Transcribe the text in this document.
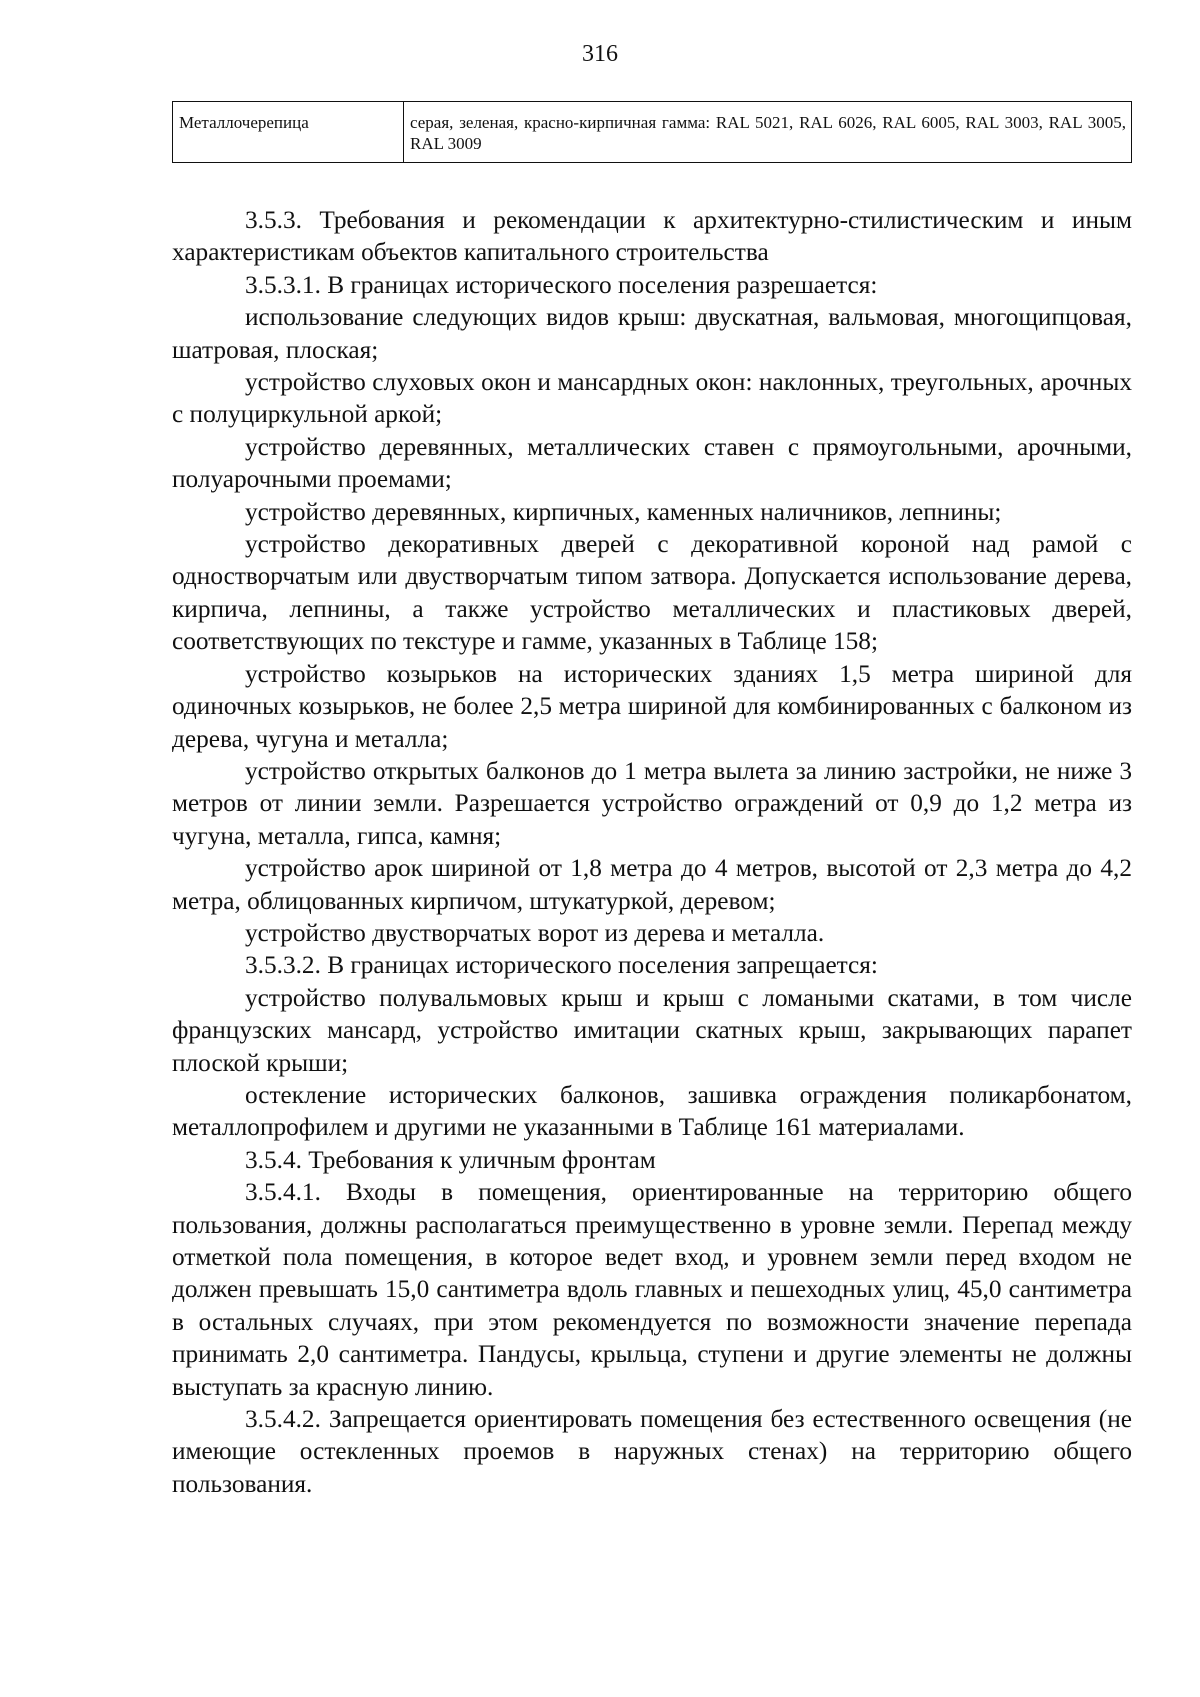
316
Металлочерепица	серая, зеленая, красно-кирпичная гамма: RAL 5021, RAL 6026, RAL 6005, RAL 3003, RAL 3005, RAL 3009

3.5.3. Требования и рекомендации к архитектурно-стилистическим и иным характеристикам объектов капитального строительства

3.5.3.1. В границах исторического поселения разрешается:

использование следующих видов крыш: двускатная, вальмовая, многощипцовая, шатровая, плоская;

устройство слуховых окон и мансардных окон: наклонных, треугольных, арочных с полуциркульной аркой;

устройство деревянных, металлических ставен с прямоугольными, арочными, полуарочными проемами;

устройство деревянных, кирпичных, каменных наличников, лепнины;

устройство декоративных дверей с декоративной короной над рамой с одностворчатым или двустворчатым типом затвора. Допускается использование дерева, кирпича, лепнины, а также устройство металлических и пластиковых дверей, соответствующих по текстуре и гамме, указанных в Таблице 158;

устройство козырьков на исторических зданиях 1,5 метра шириной для одиночных козырьков, не более 2,5 метра шириной для комбинированных с балконом из дерева, чугуна и металла;

устройство открытых балконов до 1 метра вылета за линию застройки, не ниже 3 метров от линии земли. Разрешается устройство ограждений от 0,9 до 1,2 метра из чугуна, металла, гипса, камня;

устройство арок шириной от 1,8 метра до 4 метров, высотой от 2,3 метра до 4,2 метра, облицованных кирпичом, штукатуркой, деревом;

устройство двустворчатых ворот из дерева и металла.

3.5.3.2. В границах исторического поселения запрещается:

устройство полувальмовых крыш и крыш с ломаными скатами, в том числе французских мансард, устройство имитации скатных крыш, закрывающих парапет плоской крыши;

остекление исторических балконов, зашивка ограждения поликарбонатом, металлопрофилем и другими не указанными в Таблице 161 материалами.

3.5.4. Требования к уличным фронтам

3.5.4.1. Входы в помещения, ориентированные на территорию общего пользования, должны располагаться преимущественно в уровне земли. Перепад между отметкой пола помещения, в которое ведет вход, и уровнем земли перед входом не должен превышать 15,0 сантиметра вдоль главных и пешеходных улиц, 45,0 сантиметра в остальных случаях, при этом рекомендуется по возможности значение перепада принимать 2,0 сантиметра. Пандусы, крыльца, ступени и другие элементы не должны выступать за красную линию.

3.5.4.2. Запрещается ориентировать помещения без естественного освещения (не имеющие остекленных проемов в наружных стенах) на территорию общего пользования.
